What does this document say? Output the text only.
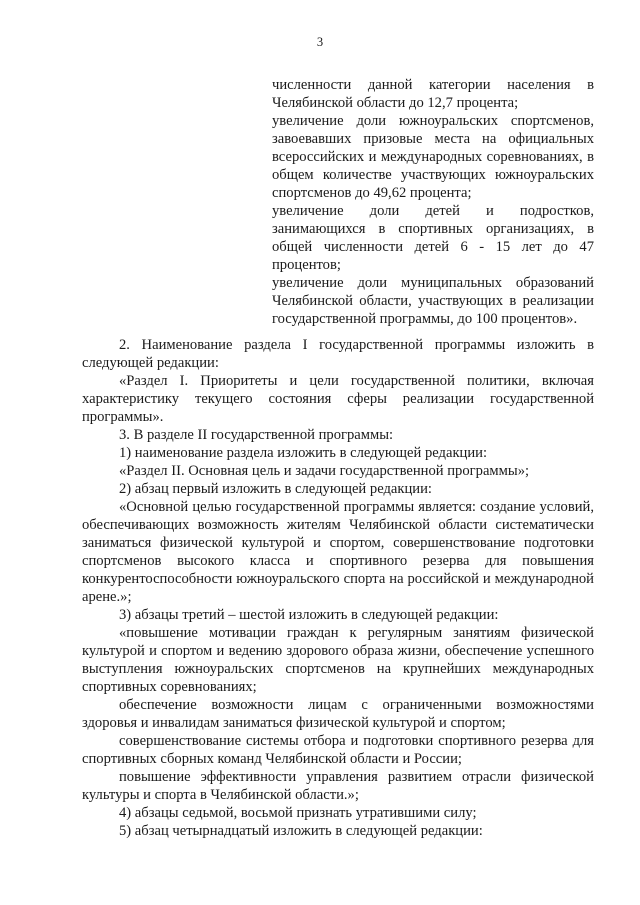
3

численности данной категории населения в Челябинской области до 12,7 процента;

увеличение доли южноуральских спортсменов, завоевавших призовые места на официальных всероссийских и международных соревнованиях, в общем количестве участвующих южноуральских спортсменов до 49,62 процента;

увеличение доли детей и подростков, занимающихся в спортивных организациях, в общей численности детей 6 - 15 лет до 47 процентов;

увеличение доли муниципальных образований Челябинской области, участвующих в реализации государственной программы, до 100 процентов».

2. Наименование раздела I государственной программы изложить в следующей редакции:

«Раздел I. Приоритеты и цели государственной политики, включая характеристику текущего состояния сферы реализации государственной программы».

3. В разделе II государственной программы:

1) наименование раздела изложить в следующей редакции:

«Раздел II. Основная цель и задачи государственной программы»;

2) абзац первый изложить в следующей редакции:

«Основной целью государственной программы является: создание условий, обеспечивающих возможность жителям Челябинской области систематически заниматься физической культурой и спортом, совершенствование подготовки спортсменов высокого класса и спортивного резерва для повышения конкурентоспособности южноуральского спорта на российской и международной арене.»;

3) абзацы третий – шестой изложить в следующей редакции:

«повышение мотивации граждан к регулярным занятиям физической культурой и спортом и ведению здорового образа жизни, обеспечение успешного выступления южноуральских спортсменов на крупнейших международных спортивных соревнованиях;

обеспечение возможности лицам с ограниченными возможностями здоровья и инвалидам заниматься физической культурой и спортом;

совершенствование системы отбора и подготовки спортивного резерва для спортивных сборных команд Челябинской области и России;

повышение эффективности управления развитием отрасли физической культуры и спорта в Челябинской области.»;

4) абзацы седьмой, восьмой признать утратившими силу;

5) абзац четырнадцатый изложить в следующей редакции:
